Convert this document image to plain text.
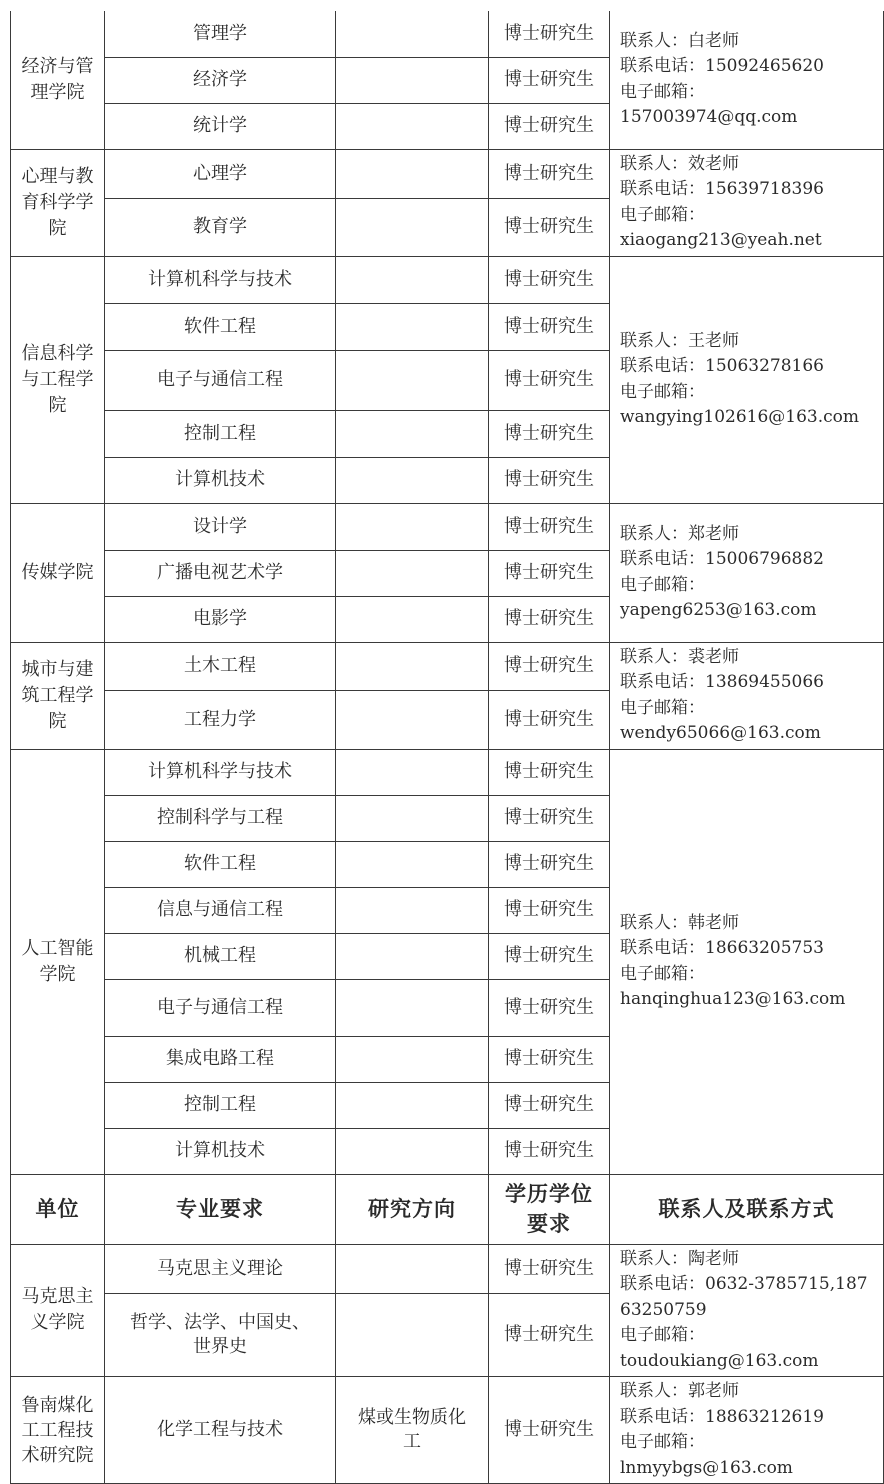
经济与管理学院	管理学		博士研究生	联系人：白老师
联系电话：15092465620
电子邮箱：
157003974@qq.com

	经济学		博士研究生	
	统计学		博士研究生	
心理与教育科学学院	心理学		博士研究生	联系人：效老师
联系电话：15639718396
电子邮箱：
xiaogang213@yeah.net

	教育学		博士研究生	
信息科学与工程学院	计算机科学与技术		博士研究生	联系人：王老师
联系电话：15063278166
电子邮箱：
wangying102616@163.com

	软件工程		博士研究生	
	电子与通信工程		博士研究生	
	控制工程		博士研究生	
	计算机技术		博士研究生	
传媒学院	设计学		博士研究生	联系人：郑老师
联系电话：15006796882
电子邮箱：
yapeng6253@163.com

	广播电视艺术学		博士研究生	
	电影学		博士研究生	
城市与建筑工程学院	土木工程		博士研究生	联系人：裘老师
联系电话：13869455066
电子邮箱：
wendy65066@163.com

	工程力学		博士研究生	
人工智能学院	计算机科学与技术		博士研究生	联系人：韩老师
联系电话：18663205753
电子邮箱：
hanqinghua123@163.com

	控制科学与工程		博士研究生	
	软件工程		博士研究生	
	信息与通信工程		博士研究生	
	机械工程		博士研究生	
	电子与通信工程		博士研究生	
	集成电路工程		博士研究生	
	控制工程		博士研究生	
	计算机技术		博士研究生	
单位	专业要求	研究方向	学历学位要求	联系人及联系方式
马克思主义学院	马克思主义理论		博士研究生	联系人：陶老师
联系电话：0632-3785715,18763250759
电子邮箱：
toudoukiang@163.com

	哲学、法学、中国史、世界史		博士研究生	
鲁南煤化工工程技术研究院	化学工程与技术	煤或生物质化工	博士研究生	联系人：郭老师
联系电话：18863212619
电子邮箱：
lnmyybgs@163.com
